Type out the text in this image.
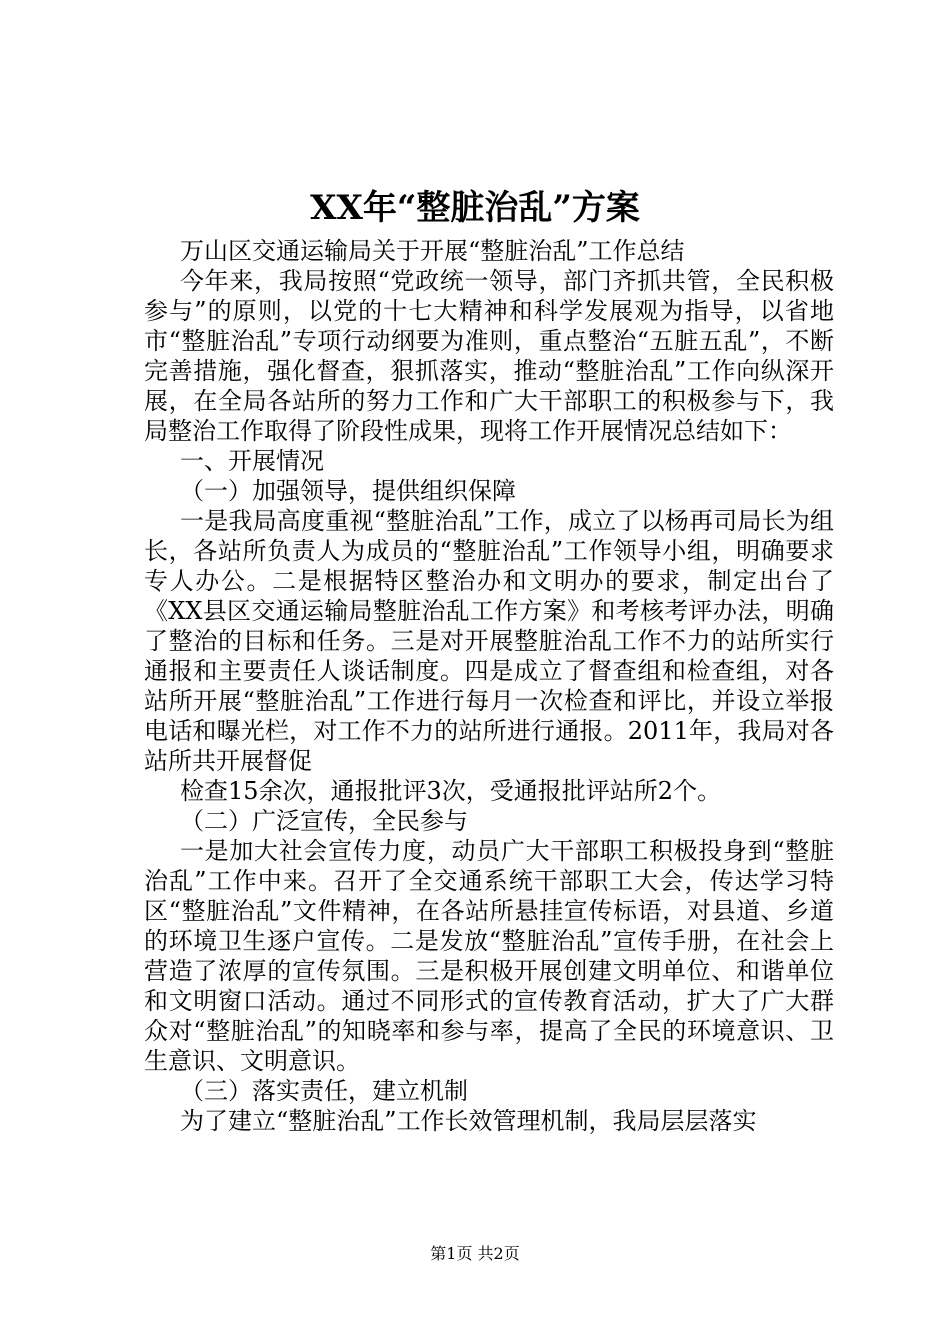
XX年“整脏治乱”方案

万山区交通运输局关于开展“整脏治乱”工作总结

今年来，我局按照“党政统一领导，部门齐抓共管，全民积极参与”的原则，以党的十七大精神和科学发展观为指导，以省地市“整脏治乱”专项行动纲要为准则，重点整治“五脏五乱”，不断完善措施，强化督查，狠抓落实，推动“整脏治乱”工作向纵深开展，在全局各站所的努力工作和广大干部职工的积极参与下，我局整治工作取得了阶段性成果，现将工作开展情况总结如下：

一、开展情况

（一）加强领导，提供组织保障

一是我局高度重视“整脏治乱”工作，成立了以杨再司局长为组长，各站所负责人为成员的“整脏治乱”工作领导小组，明确要求专人办公。二是根据特区整治办和文明办的要求，制定出台了《XX县区交通运输局整脏治乱工作方案》和考核考评办法，明确了整治的目标和任务。三是对开展整脏治乱工作不力的站所实行通报和主要责任人谈话制度。四是成立了督查组和检查组，对各站所开展“整脏治乱”工作进行每月一次检查和评比，并设立举报电话和曝光栏，对工作不力的站所进行通报。2011年，我局对各站所共开展督促

检查15余次，通报批评3次，受通报批评站所2个。

（二）广泛宣传，全民参与

一是加大社会宣传力度，动员广大干部职工积极投身到“整脏治乱”工作中来。召开了全交通系统干部职工大会，传达学习特区“整脏治乱”文件精神，在各站所悬挂宣传标语，对县道、乡道的环境卫生逐户宣传。二是发放“整脏治乱”宣传手册，在社会上营造了浓厚的宣传氛围。三是积极开展创建文明单位、和谐单位和文明窗口活动。通过不同形式的宣传教育活动，扩大了广大群众对“整脏治乱”的知晓率和参与率，提高了全民的环境意识、卫生意识、文明意识。

（三）落实责任，建立机制

为了建立“整脏治乱”工作长效管理机制，我局层层落实

第1页 共2页
